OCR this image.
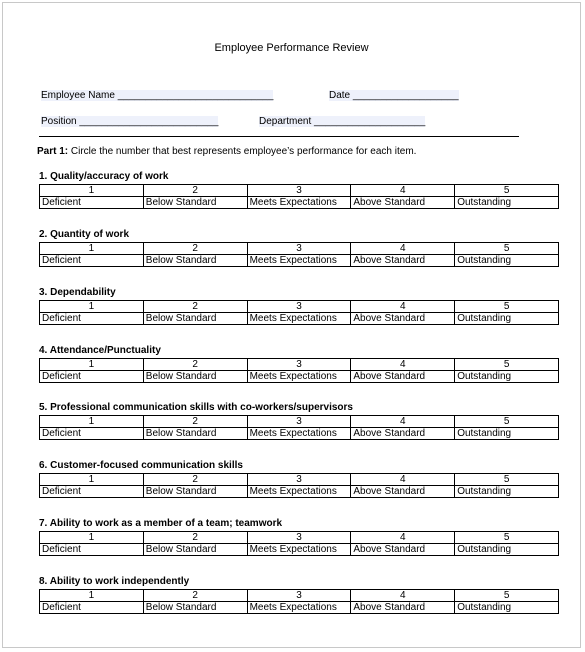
Employee Performance Review
Employee Name ____________________________	Date ___________________
Position _________________________	Department ____________________
Part 1: Circle the number that best represents employee’s performance for each item.
1. Quality/accuracy of work
1	2	3	4	5
Deficient	Below Standard	Meets Expectations	Above Standard	Outstanding
2. Quantity of work
1	2	3	4	5
Deficient	Below Standard	Meets Expectations	Above Standard	Outstanding
3. Dependability
1	2	3	4	5
Deficient	Below Standard	Meets Expectations	Above Standard	Outstanding
4. Attendance/Punctuality
1	2	3	4	5
Deficient	Below Standard	Meets Expectations	Above Standard	Outstanding
5. Professional communication skills with co-workers/supervisors
1	2	3	4	5
Deficient	Below Standard	Meets Expectations	Above Standard	Outstanding
6. Customer-focused communication skills
1	2	3	4	5
Deficient	Below Standard	Meets Expectations	Above Standard	Outstanding
7. Ability to work as a member of a team; teamwork
1	2	3	4	5
Deficient	Below Standard	Meets Expectations	Above Standard	Outstanding
8. Ability to work independently
1	2	3	4	5
Deficient	Below Standard	Meets Expectations	Above Standard	Outstanding
